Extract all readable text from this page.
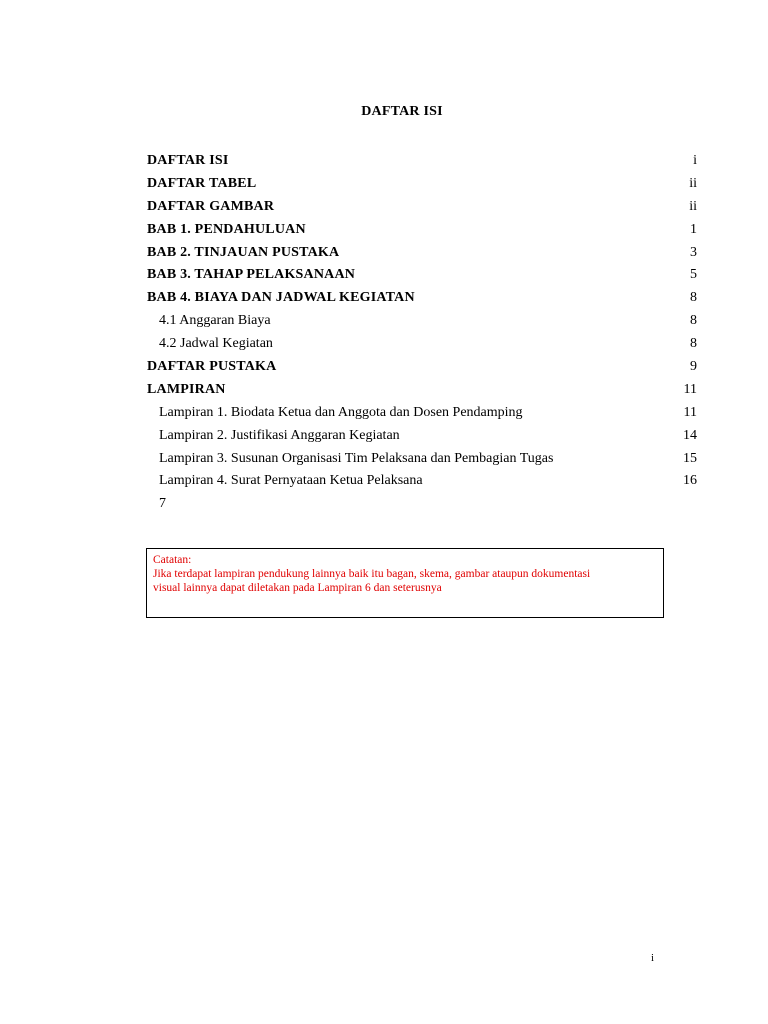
DAFTAR ISI
DAFTAR ISI	i
DAFTAR TABEL	ii
DAFTAR GAMBAR	ii
BAB 1. PENDAHULUAN	1
BAB 2. TINJAUAN PUSTAKA	3
BAB 3. TAHAP PELAKSANAAN	5
BAB 4. BIAYA DAN JADWAL KEGIATAN	8
4.1 Anggaran Biaya	8
4.2 Jadwal Kegiatan	8
DAFTAR PUSTAKA	9
LAMPIRAN	11
Lampiran 1. Biodata Ketua dan Anggota dan Dosen Pendamping	11
Lampiran 2. Justifikasi Anggaran Kegiatan	14
Lampiran 3. Susunan Organisasi Tim Pelaksana dan Pembagian Tugas	15
Lampiran 4. Surat Pernyataan Ketua Pelaksana	16
7
Catatan:
Jika terdapat lampiran pendukung lainnya baik itu bagan, skema, gambar ataupun dokumentasi
visual lainnya dapat diletakan pada Lampiran 6 dan seterusnya
i
